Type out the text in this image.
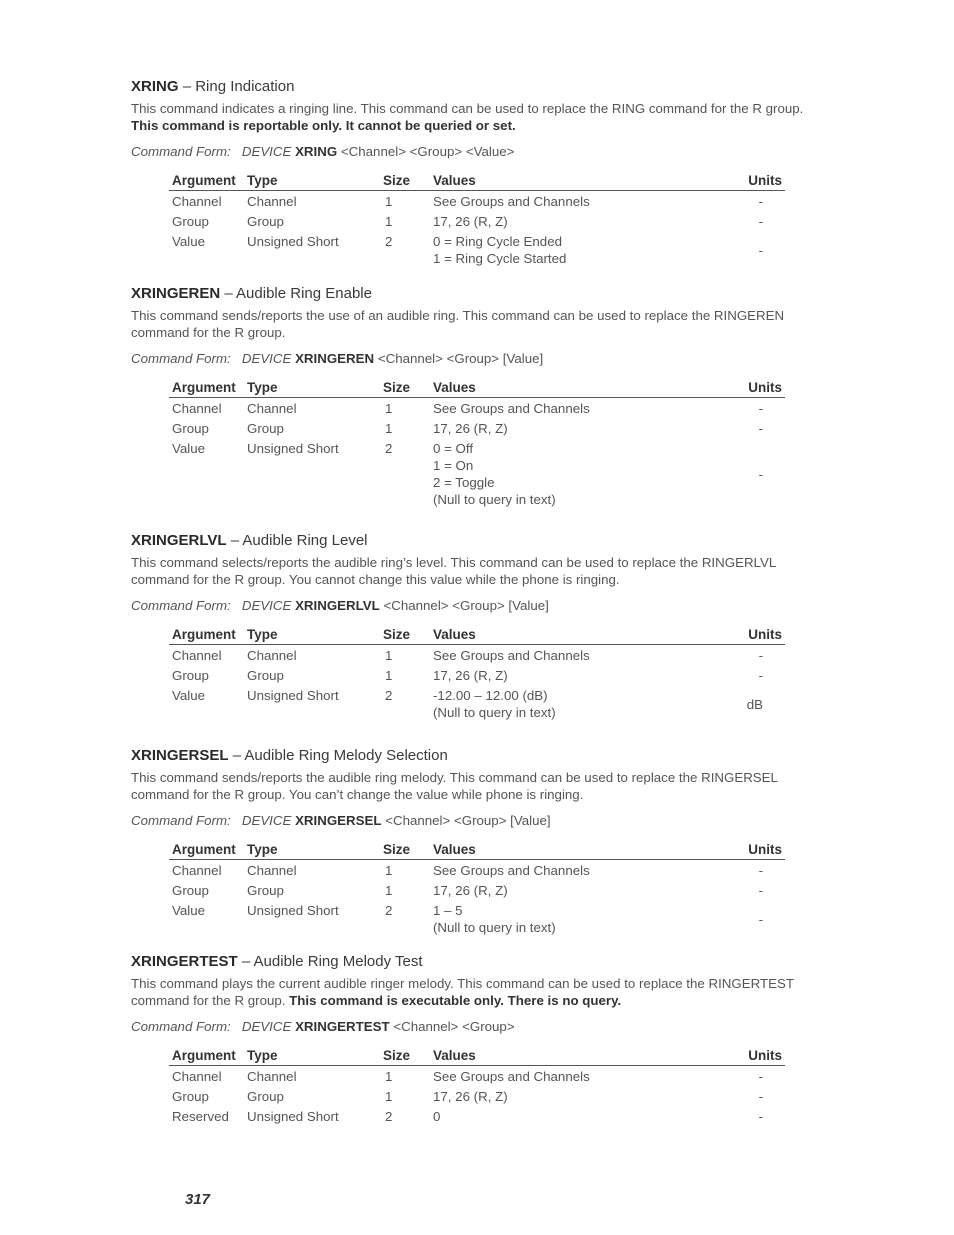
XRING – Ring Indication

This command indicates a ringing line. This command can be used to replace the RING command for the R group. This command is reportable only. It cannot be queried or set.

Command Form: DEVICE XRING <Channel> <Group> <Value>

Argument	Type	Size	Values	Units
Channel	Channel	1	See Groups and Channels	-
Group	Group	1	17, 26 (R, Z)	-
Value	Unsigned Short	2	0 = Ring Cycle Ended
1 = Ring Cycle Started	-

XRINGEREN – Audible Ring Enable

This command sends/reports the use of an audible ring. This command can be used to replace the RINGEREN command for the R group.

Command Form: DEVICE XRINGEREN <Channel> <Group> [Value]

Argument	Type	Size	Values	Units
Channel	Channel	1	See Groups and Channels	-
Group	Group	1	17, 26 (R, Z)	-
Value	Unsigned Short	2	0 = Off
1 = On
2 = Toggle
(Null to query in text)	-

XRINGERLVL – Audible Ring Level

This command selects/reports the audible ring’s level. This command can be used to replace the RINGERLVL command for the R group. You cannot change this value while the phone is ringing.

Command Form: DEVICE XRINGERLVL <Channel> <Group> [Value]

Argument	Type	Size	Values	Units
Channel	Channel	1	See Groups and Channels	-
Group	Group	1	17, 26 (R, Z)	-
Value	Unsigned Short	2	-12.00 – 12.00 (dB)
(Null to query in text)	dB

XRINGERSEL – Audible Ring Melody Selection

This command sends/reports the audible ring melody. This command can be used to replace the RINGERSEL command for the R group. You can’t change the value while phone is ringing.

Command Form: DEVICE XRINGERSEL <Channel> <Group> [Value]

Argument	Type	Size	Values	Units
Channel	Channel	1	See Groups and Channels	-
Group	Group	1	17, 26 (R, Z)	-
Value	Unsigned Short	2	1 – 5
(Null to query in text)	-

XRINGERTEST – Audible Ring Melody Test

This command plays the current audible ringer melody. This command can be used to replace the RINGERTEST command for the R group. This command is executable only. There is no query.

Command Form: DEVICE XRINGERTEST <Channel> <Group>

Argument	Type	Size	Values	Units
Channel	Channel	1	See Groups and Channels	-
Group	Group	1	17, 26 (R, Z)	-
Reserved	Unsigned Short	2	0	-
317
